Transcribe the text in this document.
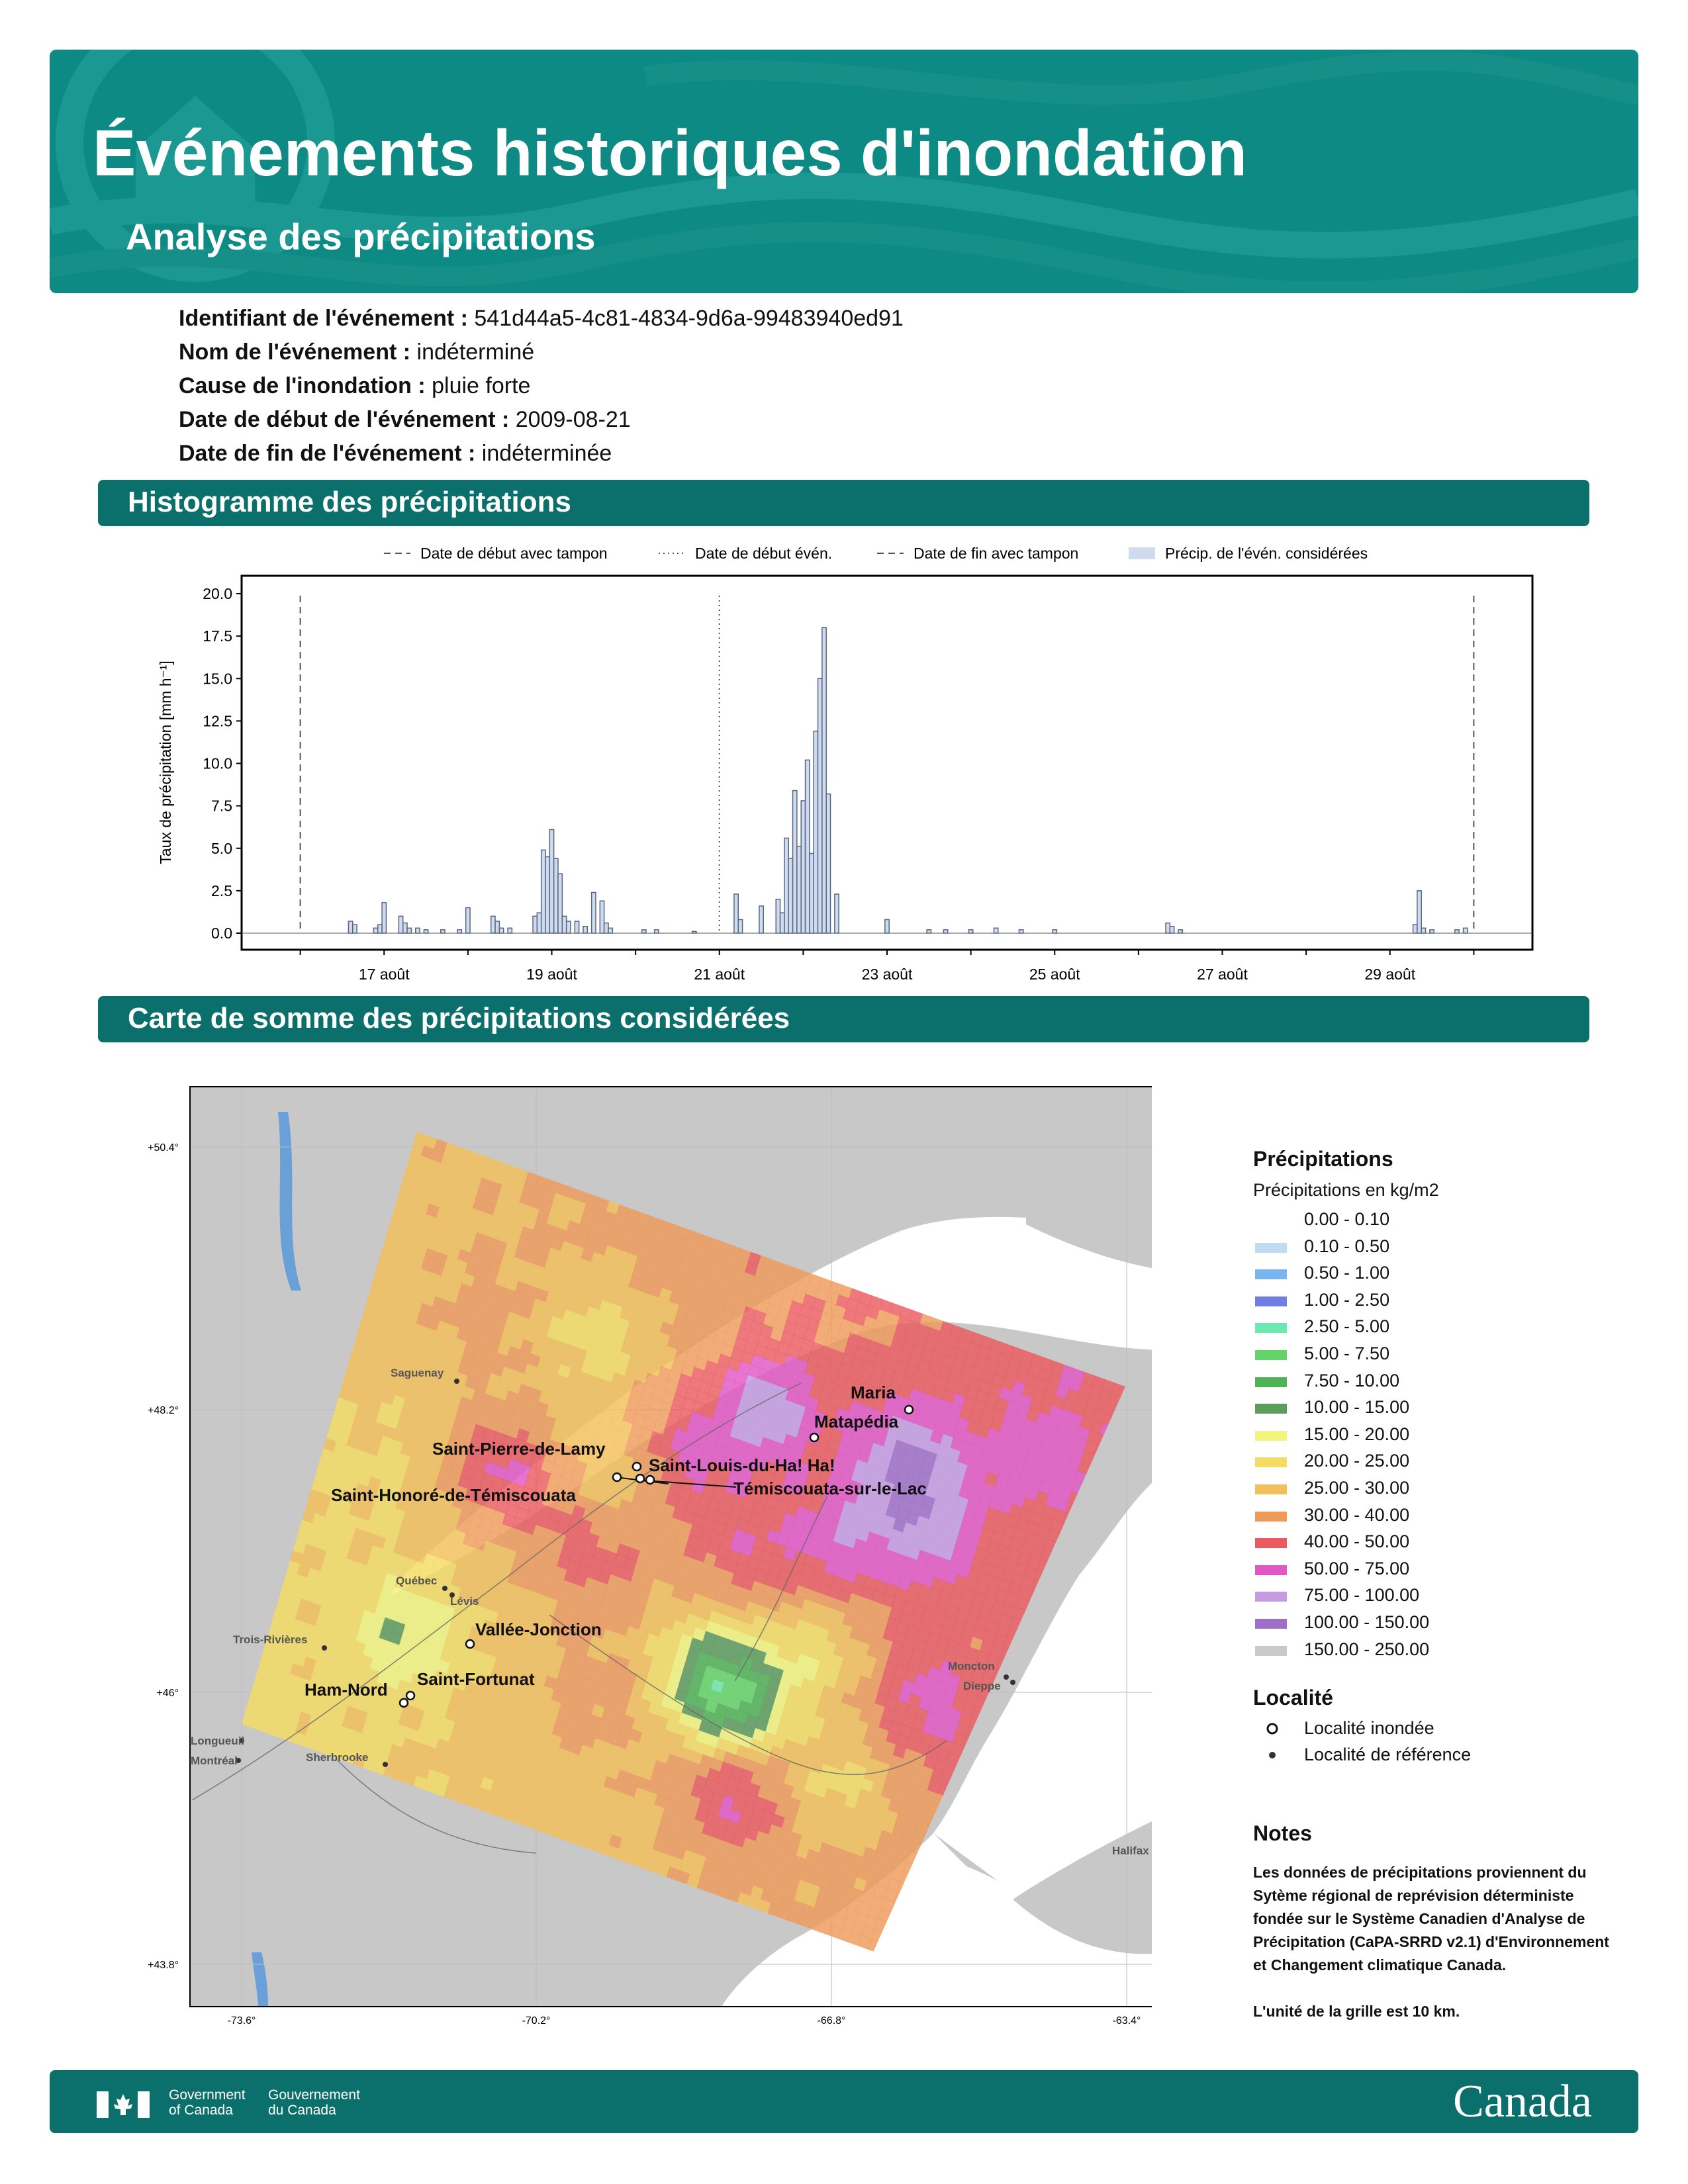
Événements historiques d'inondation
Analyse des précipitations
Identifiant de l'événement : 541d44a5-4c81-4834-9d6a-99483940ed91
Nom de l'événement : indéterminé
Cause de l'inondation : pluie forte
Date de début de l'événement : 2009-08-21
Date de fin de l'événement : indéterminée
Histogramme des précipitations
Date de début avec tampon	Date de début évén.	Date de fin avec tampon	Précip. de l'évén. considérées
0.0
2.5
5.0
7.5
10.0
12.5
15.0
17.5
20.0
17 août	19 août	21 août	23 août	25 août	27 août	29 août
Taux de précipitation [mm h⁻¹]
Carte de somme des précipitations considérées
+50.4°
+48.2°
+46°
+43.8°
-73.6°	-70.2°	-66.8°	-63.4°
Saguenay
Québec
Lévis
Trois-Rivières
Longueuil
Montréal	Sherbrooke
Moncton
Dieppe
Halifax
Maria
Matapédia
Saint-Pierre-de-Lamy
Saint-Louis-du-Ha! Ha!
Saint-Honoré-de-Témiscouata	Témiscouata-sur-le-Lac
Vallée-Jonction
Saint-Fortunat
Ham-Nord
Précipitations
Précipitations en kg/m2
0.00 - 0.10
0.10 - 0.50
0.50 - 1.00
1.00 - 2.50
2.50 - 5.00
5.00 - 7.50
7.50 - 10.00
10.00 - 15.00
15.00 - 20.00
20.00 - 25.00
25.00 - 30.00
30.00 - 40.00
40.00 - 50.00
50.00 - 75.00
75.00 - 100.00
100.00 - 150.00
150.00 - 250.00
Localité
Localité inondée
Localité de référence
Notes

Les données de précipitations proviennent du Sytème régional de reprévision déterministe fondée sur le Système Canadien d'Analyse de Précipitation (CaPA-SRRD v2.1) d'Environnement et Changement climatique Canada.

L'unité de la grille est 10 km.

Government
of Canada
Gouvernement
du Canada	Canada
